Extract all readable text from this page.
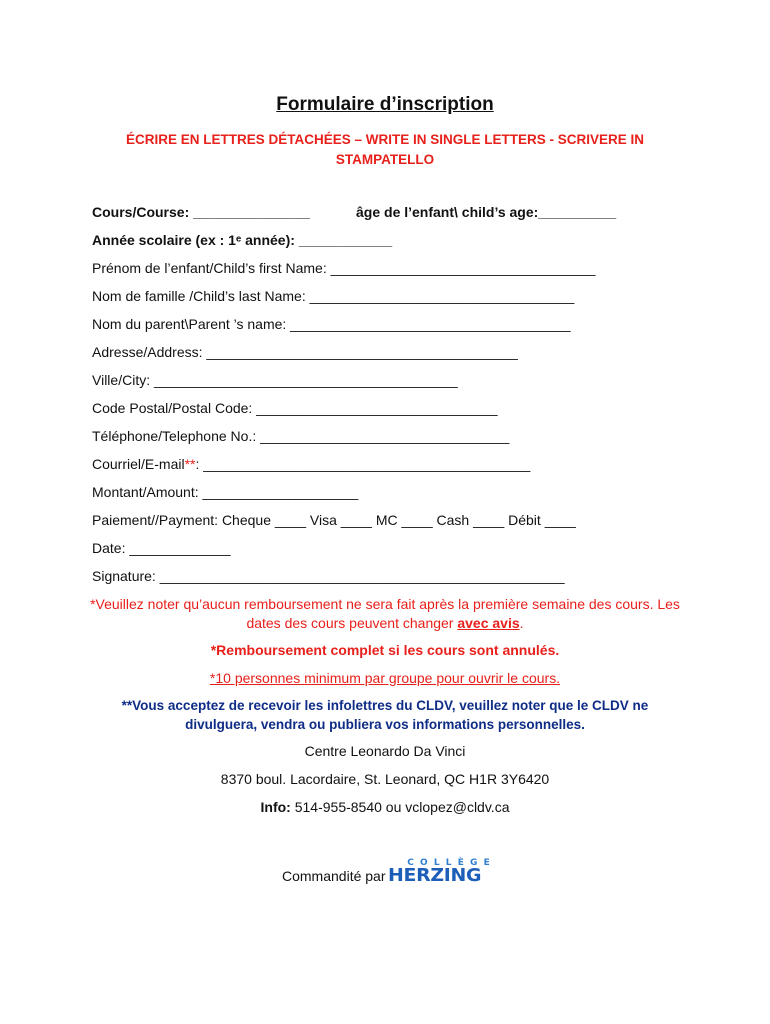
Formulaire d’inscription
ÉCRIRE EN LETTRES DÉTACHÉES – WRITE IN SINGLE LETTERS - SCRIVERE IN STAMPATELLO
Cours/Course: _______________	âge de l’enfant\ child’s age:__________
Année scolaire (ex : 1ᵉ année): ____________
Prénom de l’enfant/Child’s first Name: __________________________________
Nom de famille /Child’s last Name: __________________________________
Nom du parent\Parent ’s name: ____________________________________
Adresse/Address: ________________________________________
Ville/City: _______________________________________
Code Postal/Postal Code: _______________________________
Téléphone/Telephone No.: ________________________________
Courriel/E-mail**: __________________________________________
Montant/Amount: ____________________
Paiement//Payment: Cheque ____ Visa ____ MC ____ Cash ____ Débit ____
Date: _____________
Signature: ____________________________________________________
*Veuillez noter qu’aucun remboursement ne sera fait après la première semaine des cours. Les
dates des cours peuvent changer avec avis.
*Remboursement complet si les cours sont annulés.
*10 personnes minimum par groupe pour ouvrir le cours.
**Vous acceptez de recevoir les infolettres du CLDV, veuillez noter que le CLDV ne
divulguera, vendra ou publiera vos informations personnelles.
Centre Leonardo Da Vinci
8370 boul. Lacordaire, St. Leonard, QC H1R 3Y6420
Info: 514-955-8540 ou vclopez@cldv.ca
Commandité par
COLLÈGE
HERZING
